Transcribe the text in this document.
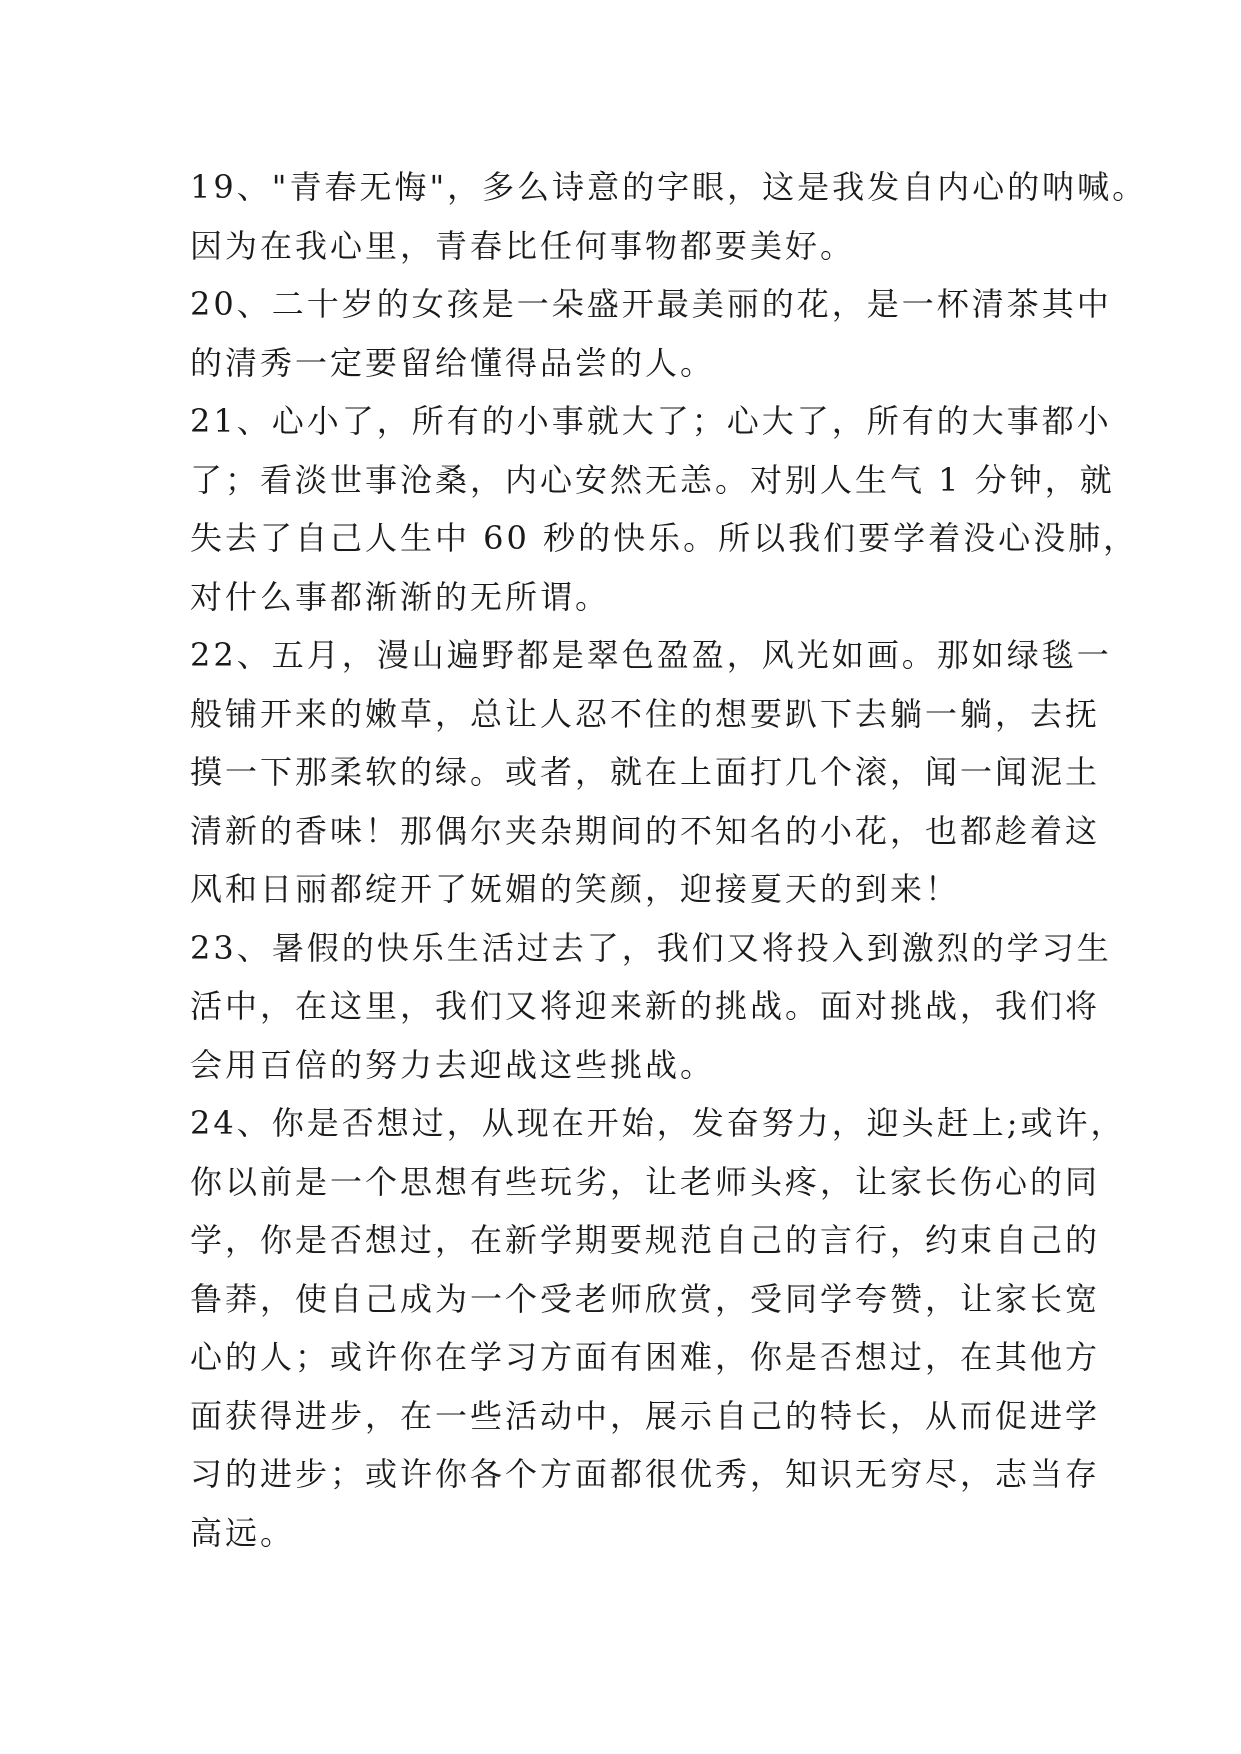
19、"青春无悔"，多么诗意的字眼，这是我发自内心的呐喊。
因为在我心里，青春比任何事物都要美好。
20、二十岁的女孩是一朵盛开最美丽的花，是一杯清茶其中
的清秀一定要留给懂得品尝的人。
21、心小了，所有的小事就大了；心大了，所有的大事都小
了；看淡世事沧桑，内心安然无恙。对别人生气 1 分钟，就
失去了自己人生中 60 秒的快乐。所以我们要学着没心没肺，
对什么事都渐渐的无所谓。
22、五月，漫山遍野都是翠色盈盈，风光如画。那如绿毯一
般铺开来的嫩草，总让人忍不住的想要趴下去躺一躺，去抚
摸一下那柔软的绿。或者，就在上面打几个滚，闻一闻泥土
清新的香味！那偶尔夹杂期间的不知名的小花，也都趁着这
风和日丽都绽开了妩媚的笑颜，迎接夏天的到来！
23、暑假的快乐生活过去了，我们又将投入到激烈的学习生
活中，在这里，我们又将迎来新的挑战。面对挑战，我们将
会用百倍的努力去迎战这些挑战。
24、你是否想过，从现在开始，发奋努力，迎头赶上;或许，
你以前是一个思想有些玩劣，让老师头疼，让家长伤心的同
学，你是否想过，在新学期要规范自己的言行，约束自己的
鲁莽，使自己成为一个受老师欣赏，受同学夸赞，让家长宽
心的人；或许你在学习方面有困难，你是否想过，在其他方
面获得进步，在一些活动中，展示自己的特长，从而促进学
习的进步；或许你各个方面都很优秀，知识无穷尽，志当存
高远。
